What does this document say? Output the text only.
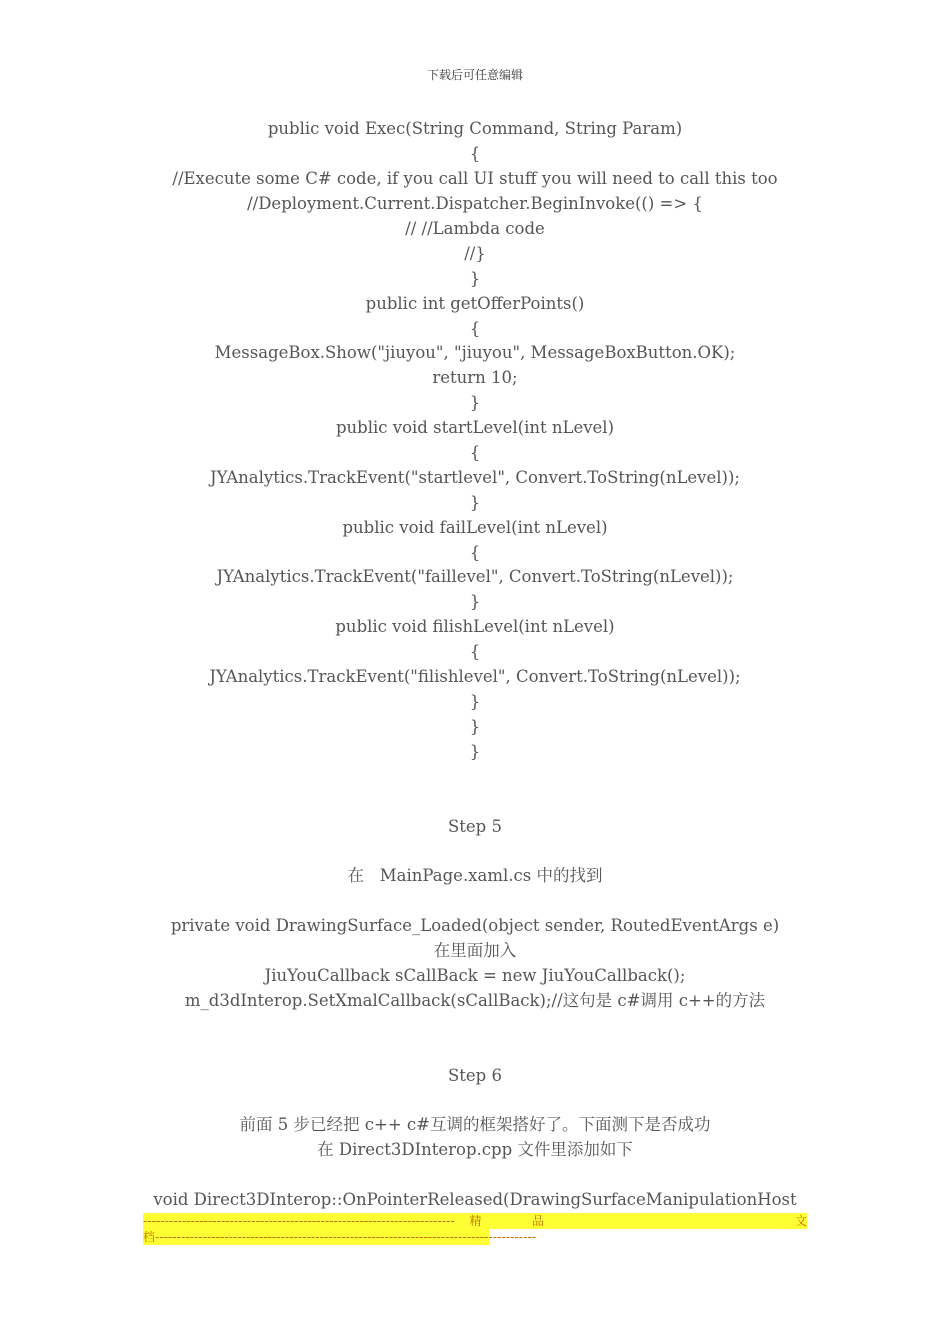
下载后可任意编辑
public void Exec(String Command, String Param)
{
//Execute some C# code, if you call UI stuff you will need to call this too
//Deployment.Current.Dispatcher.BeginInvoke(() => {
// //Lambda code
//}
}
public int getOfferPoints()
{
MessageBox.Show("jiuyou", "jiuyou", MessageBoxButton.OK);
return 10;
}
public void startLevel(int nLevel)
{
JYAnalytics.TrackEvent("startlevel", Convert.ToString(nLevel));
}
public void failLevel(int nLevel)
{
JYAnalytics.TrackEvent("faillevel", Convert.ToString(nLevel));
}
public void filishLevel(int nLevel)
{
JYAnalytics.TrackEvent("filishlevel", Convert.ToString(nLevel));
}
}
}
Step 5
在   MainPage.xaml.cs 中的找到
private void DrawingSurface_Loaded(object sender, RoutedEventArgs e)
在里面加入
JiuYouCallback sCallBack = new JiuYouCallback();
m_d3dInterop.SetXmalCallback(sCallBack);//这句是 c#调用 c++的方法
Step 6
前面 5 步已经把 c++ c#互调的框架搭好了。下面测下是否成功
在 Direct3DInterop.cpp 文件里添加如下
void Direct3DInterop::OnPointerReleased(DrawingSurfaceManipulationHost
------------------------------------------------------------------------ 精	品	文
档----------------------------------------------------------------------------------------
